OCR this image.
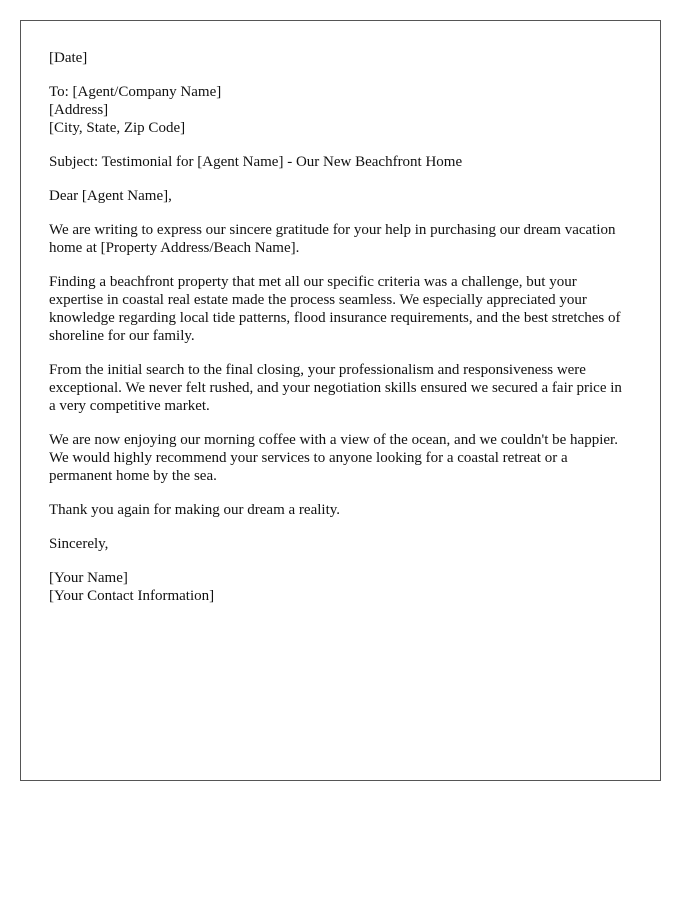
[Date]

To: [Agent/Company Name]
[Address]
[City, State, Zip Code]

Subject: Testimonial for [Agent Name] - Our New Beachfront Home

Dear [Agent Name],

We are writing to express our sincere gratitude for your help in purchasing our dream vacation home at [Property Address/Beach Name].

Finding a beachfront property that met all our specific criteria was a challenge, but your expertise in coastal real estate made the process seamless. We especially appreciated your knowledge regarding local tide patterns, flood insurance requirements, and the best stretches of shoreline for our family.

From the initial search to the final closing, your professionalism and responsiveness were exceptional. We never felt rushed, and your negotiation skills ensured we secured a fair price in a very competitive market.

We are now enjoying our morning coffee with a view of the ocean, and we couldn't be happier. We would highly recommend your services to anyone looking for a coastal retreat or a permanent home by the sea.

Thank you again for making our dream a reality.

Sincerely,

[Your Name]
[Your Contact Information]
